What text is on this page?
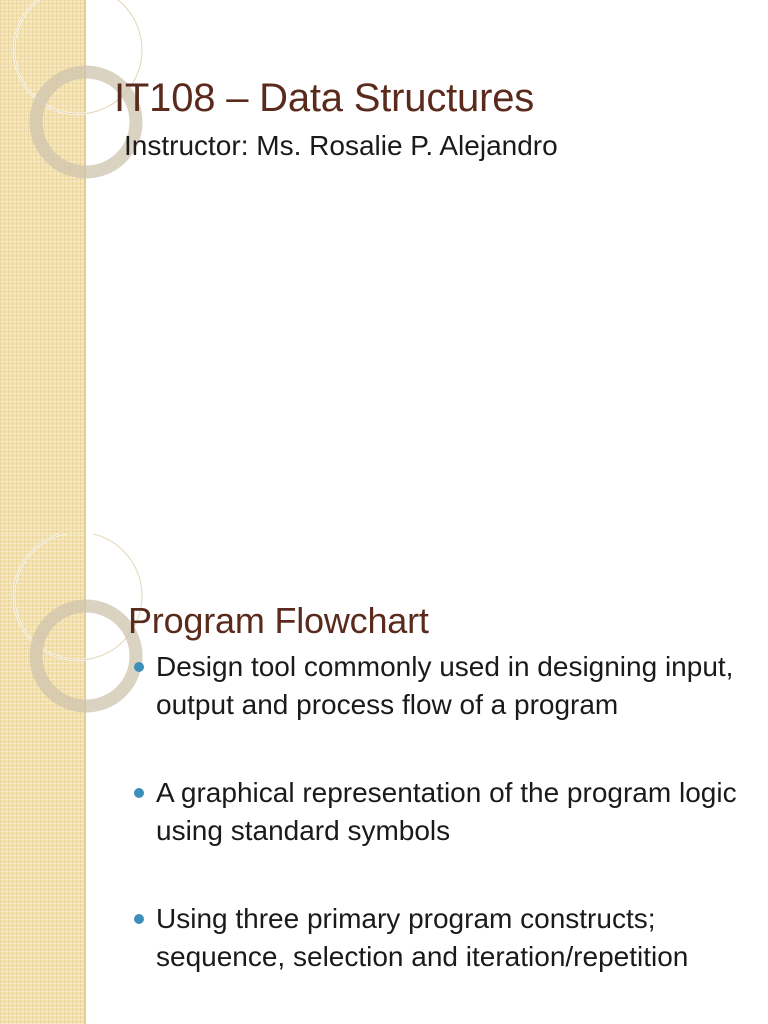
IT108 – Data Structures

Instructor: Ms. Rosalie P. Alejandro

Program Flowchart
Design tool commonly used in designing input, output and process flow of a program
A graphical representation of the program logic using standard symbols
Using three primary program constructs; sequence, selection and iteration/repetition
